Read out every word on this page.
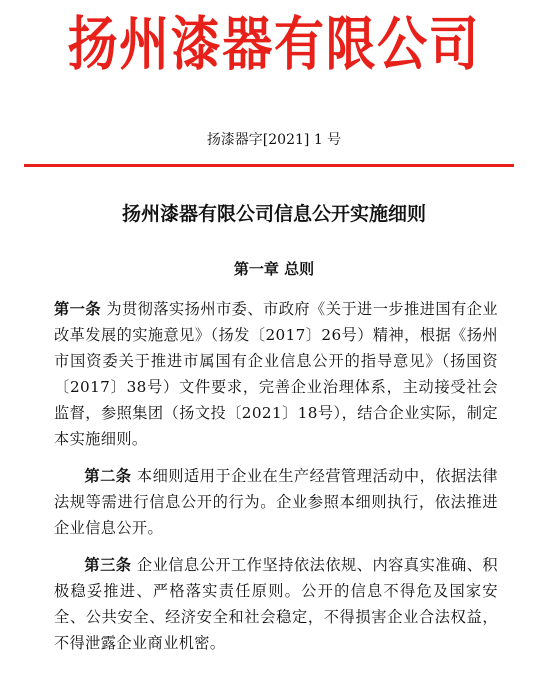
扬州漆器有限公司
扬漆器字[2021] 1 号
扬州漆器有限公司信息公开实施细则
第一章 总则

第一条 为贯彻落实扬州市委、市政府《关于进一步推进国有企业改革发展的实施意见》（扬发〔2017〕26号）精神，根据《扬州市国资委关于推进市属国有企业信息公开的指导意见》（扬国资〔2017〕38号）文件要求，完善企业治理体系，主动接受社会监督，参照集团（扬文投〔2021〕18号），结合企业实际，制定本实施细则。

第二条 本细则适用于企业在生产经营管理活动中，依据法律法规等需进行信息公开的行为。企业参照本细则执行，依法推进企业信息公开。

第三条 企业信息公开工作坚持依法依规、内容真实准确、积极稳妥推进、严格落实责任原则。公开的信息不得危及国家安全、公共安全、经济安全和社会稳定，不得损害企业合法权益，不得泄露企业商业机密。
